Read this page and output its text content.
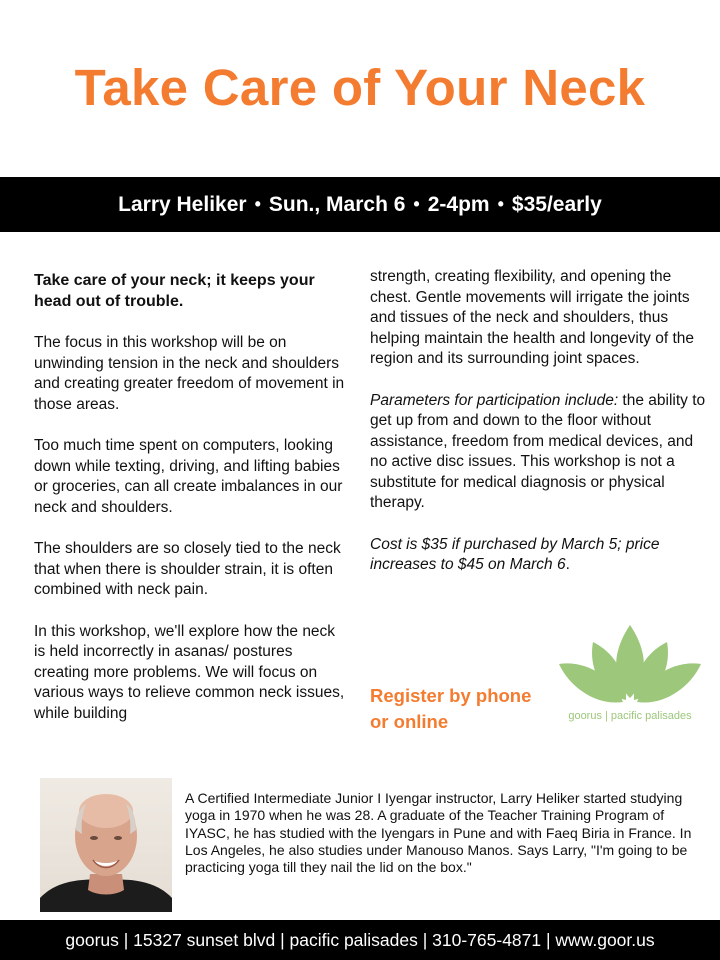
Take Care of Your Neck
Larry Heliker • Sun., March 6 • 2-4pm • $35/early

Take care of your neck; it keeps your head out of trouble.

The focus in this workshop will be on unwinding tension in the neck and shoulders and creating greater freedom of movement in those areas.

Too much time spent on computers, looking down while texting, driving, and lifting babies or groceries, can all create imbalances in our neck and shoulders.

The shoulders are so closely tied to the neck that when there is shoulder strain, it is often combined with neck pain.

In this workshop, we'll explore how the neck is held incorrectly in asanas/ postures creating more problems. We will focus on various ways to relieve common neck issues, while building

strength, creating flexibility, and opening the chest. Gentle movements will irrigate the joints and tissues of the neck and shoulders, thus helping maintain the health and longevity of the region and its surrounding joint spaces.

Parameters for participation include: the ability to get up from and down to the floor without assistance, freedom from medical devices, and no active disc issues. This workshop is not a substitute for medical diagnosis or physical therapy.

Cost is $35 if purchased by March 5; price increases to $45 on March 6.

Register by phone or online	goorus | pacific palisades
A Certified Intermediate Junior I Iyengar instructor, Larry Heliker started studying yoga in 1970 when he was 28. A graduate of the Teacher Training Program of IYASC, he has studied with the Iyengars in Pune and with Faeq Biria in France. In Los Angeles, he also studies under Manouso Manos. Says Larry, "I'm going to be practicing yoga till they nail the lid on the box."
goorus | 15327 sunset blvd | pacific palisades | 310-765-4871 | www.goor.us
